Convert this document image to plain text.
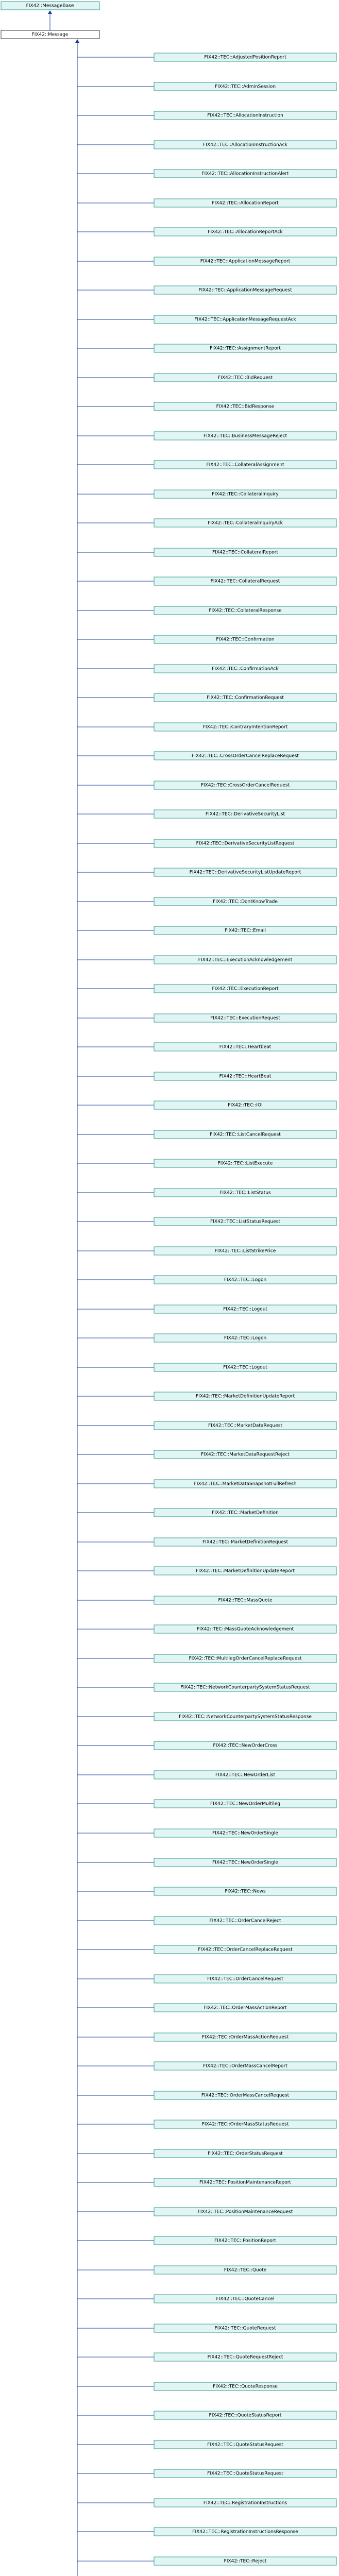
FIX42::MessageBase
FIX42::Message
FIX42::TEC::AdjustedPositionReport
FIX42::TEC::AdminSession
FIX42::TEC::AllocationInstruction
FIX42::TEC::AllocationInstructionAck
FIX42::TEC::AllocationInstructionAlert
FIX42::TEC::AllocationReport
FIX42::TEC::AllocationReportAck
FIX42::TEC::ApplicationMessageReport
FIX42::TEC::ApplicationMessageRequest
FIX42::TEC::ApplicationMessageRequestAck
FIX42::TEC::AssignmentReport
FIX42::TEC::BidRequest
FIX42::TEC::BidResponse
FIX42::TEC::BusinessMessageReject
FIX42::TEC::CollateralAssignment
FIX42::TEC::CollateralInquiry
FIX42::TEC::CollateralInquiryAck
FIX42::TEC::CollateralReport
FIX42::TEC::CollateralRequest
FIX42::TEC::CollateralResponse
FIX42::TEC::Confirmation
FIX42::TEC::ConfirmationAck
FIX42::TEC::ConfirmationRequest
FIX42::TEC::ContraryIntentionReport
FIX42::TEC::CrossOrderCancelReplaceRequest
FIX42::TEC::CrossOrderCancelRequest
FIX42::TEC::DerivativeSecurityList
FIX42::TEC::DerivativeSecurityListRequest
FIX42::TEC::DerivativeSecurityListUpdateReport
FIX42::TEC::DontKnowTrade
FIX42::TEC::Email
FIX42::TEC::ExecutionAcknowledgement
FIX42::TEC::ExecutionReport
FIX42::TEC::ExecutionRequest
FIX42::TEC::Heartbeat
FIX42::TEC::HeartBeat
FIX42::TEC::IOI
FIX42::TEC::ListCancelRequest
FIX42::TEC::ListExecute
FIX42::TEC::ListStatus
FIX42::TEC::ListStatusRequest
FIX42::TEC::ListStrikePrice
FIX42::TEC::Logon
FIX42::TEC::Logout
FIX42::TEC::Logon
FIX42::TEC::Logout
FIX42::TEC::MarketDefinitionUpdateReport
FIX42::TEC::MarketDataRequest
FIX42::TEC::MarketDataRequestReject
FIX42::TEC::MarketDataSnapshotFullRefresh
FIX42::TEC::MarketDefinition
FIX42::TEC::MarketDefinitionRequest
FIX42::TEC::MarketDefinitionUpdateReport
FIX42::TEC::MassQuote
FIX42::TEC::MassQuoteAcknowledgement
FIX42::TEC::MultilegOrderCancelReplaceRequest
FIX42::TEC::NetworkCounterpartySystemStatusRequest
FIX42::TEC::NetworkCounterpartySystemStatusResponse
FIX42::TEC::NewOrderCross
FIX42::TEC::NewOrderList
FIX42::TEC::NewOrderMultileg
FIX42::TEC::NewOrderSingle
FIX42::TEC::NewOrderSingle
FIX42::TEC::News
FIX42::TEC::OrderCancelReject
FIX42::TEC::OrderCancelReplaceRequest
FIX42::TEC::OrderCancelRequest
FIX42::TEC::OrderMassActionReport
FIX42::TEC::OrderMassActionRequest
FIX42::TEC::OrderMassCancelReport
FIX42::TEC::OrderMassCancelRequest
FIX42::TEC::OrderMassStatusRequest
FIX42::TEC::OrderStatusRequest
FIX42::TEC::PositionMaintenanceReport
FIX42::TEC::PositionMaintenanceRequest
FIX42::TEC::PositionReport
FIX42::TEC::Quote
FIX42::TEC::QuoteCancel
FIX42::TEC::QuoteRequest
FIX42::TEC::QuoteRequestReject
FIX42::TEC::QuoteResponse
FIX42::TEC::QuoteStatusReport
FIX42::TEC::QuoteStatusRequest
FIX42::TEC::QuoteStatusRequest
FIX42::TEC::RegistrationInstructions
FIX42::TEC::RegistrationInstructionsResponse
FIX42::TEC::Reject
